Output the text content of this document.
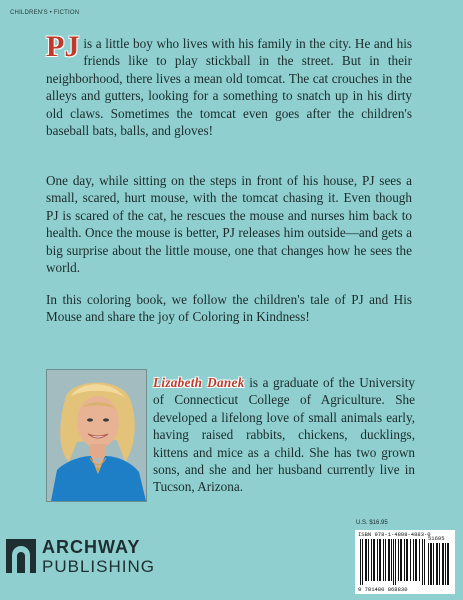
CHILDREN'S • FICTION

PJ is a little boy who lives with his family in the city. He and his friends like to play stickball in the street. But in their neighborhood, there lives a mean old tomcat. The cat crouches in the alleys and gutters, looking for a something to snatch up in his dirty old claws. Sometimes the tomcat even goes after the children's baseball bats, balls, and gloves!

One day, while sitting on the steps in front of his house, PJ sees a small, scared, hurt mouse, with the tomcat chasing it. Even though PJ is scared of the cat, he rescues the mouse and nurses him back to health. Once the mouse is better, PJ releases him outside—and gets a big surprise about the little mouse, one that changes how he sees the world.

In this coloring book, we follow the children's tale of PJ and His Mouse and share the joy of Coloring in Kindness!

Lizabeth Danek is a graduate of the University of Connecticut College of Agriculture. She developed a lifelong love of small animals early, having raised rabbits, chickens, ducklings, kittens and mice as a child. She has two grown sons, and she and her husband currently live in Tucson, Arizona.

ARCHWAY
PUBLISHING
U.S. $16.95
ISBN 978-1-4808-4883-0
9 781480 868830
51695
